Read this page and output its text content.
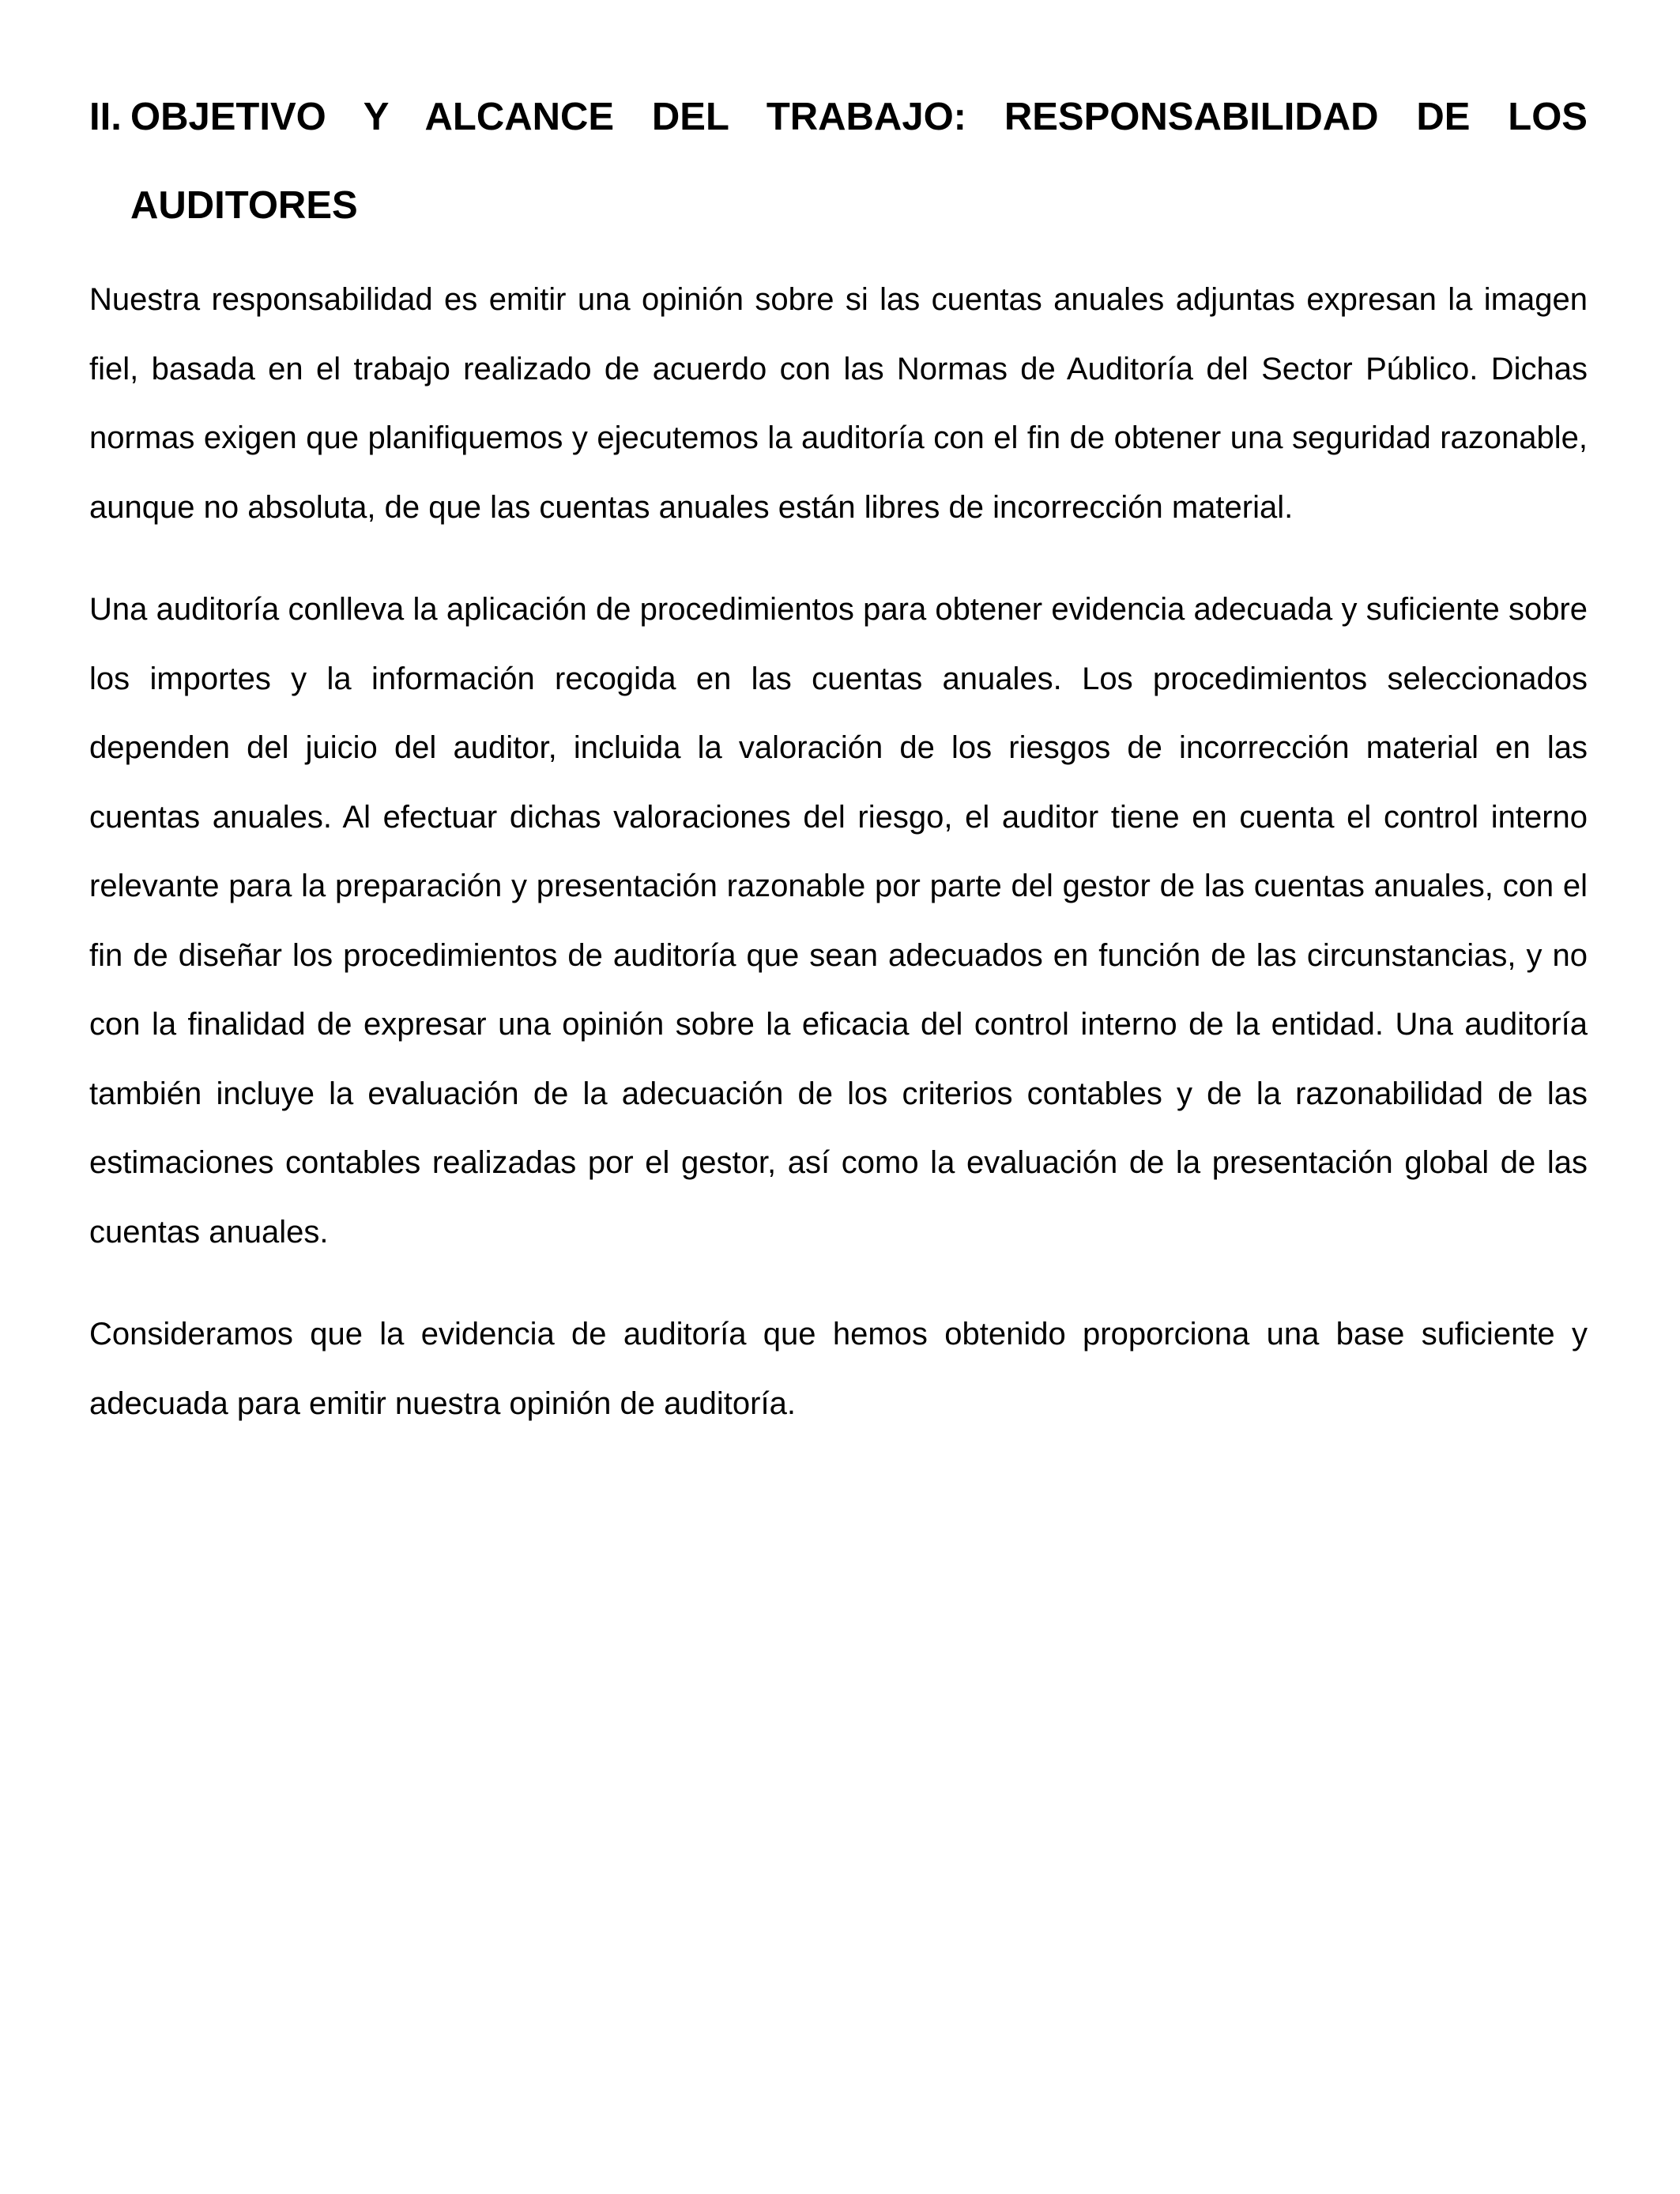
II. OBJETIVO Y ALCANCE DEL TRABAJO: RESPONSABILIDAD DE LOS AUDITORES

Nuestra responsabilidad es emitir una opinión sobre si las cuentas anuales adjuntas expresan la imagen fiel, basada en el trabajo realizado de acuerdo con las Normas de Auditoría del Sector Público. Dichas normas exigen que planifiquemos y ejecutemos la auditoría con el fin de obtener una seguridad razonable, aunque no absoluta, de que las cuentas anuales están libres de incorrección material.

Una auditoría conlleva la aplicación de procedimientos para obtener evidencia adecuada y suficiente sobre los importes y la información recogida en las cuentas anuales. Los procedimientos seleccionados dependen del juicio del auditor, incluida la valoración de los riesgos de incorrección material en las cuentas anuales. Al efectuar dichas valoraciones del riesgo, el auditor tiene en cuenta el control interno relevante para la preparación y presentación razonable por parte del gestor de las cuentas anuales, con el fin de diseñar los procedimientos de auditoría que sean adecuados en función de las circunstancias, y no con la finalidad de expresar una opinión sobre la eficacia del control interno de la entidad. Una auditoría también incluye la evaluación de la adecuación de los criterios contables y de la razonabilidad de las estimaciones contables realizadas por el gestor, así como la evaluación de la presentación global de las cuentas anuales.

Consideramos que la evidencia de auditoría que hemos obtenido proporciona una base suficiente y adecuada para emitir nuestra opinión de auditoría.
